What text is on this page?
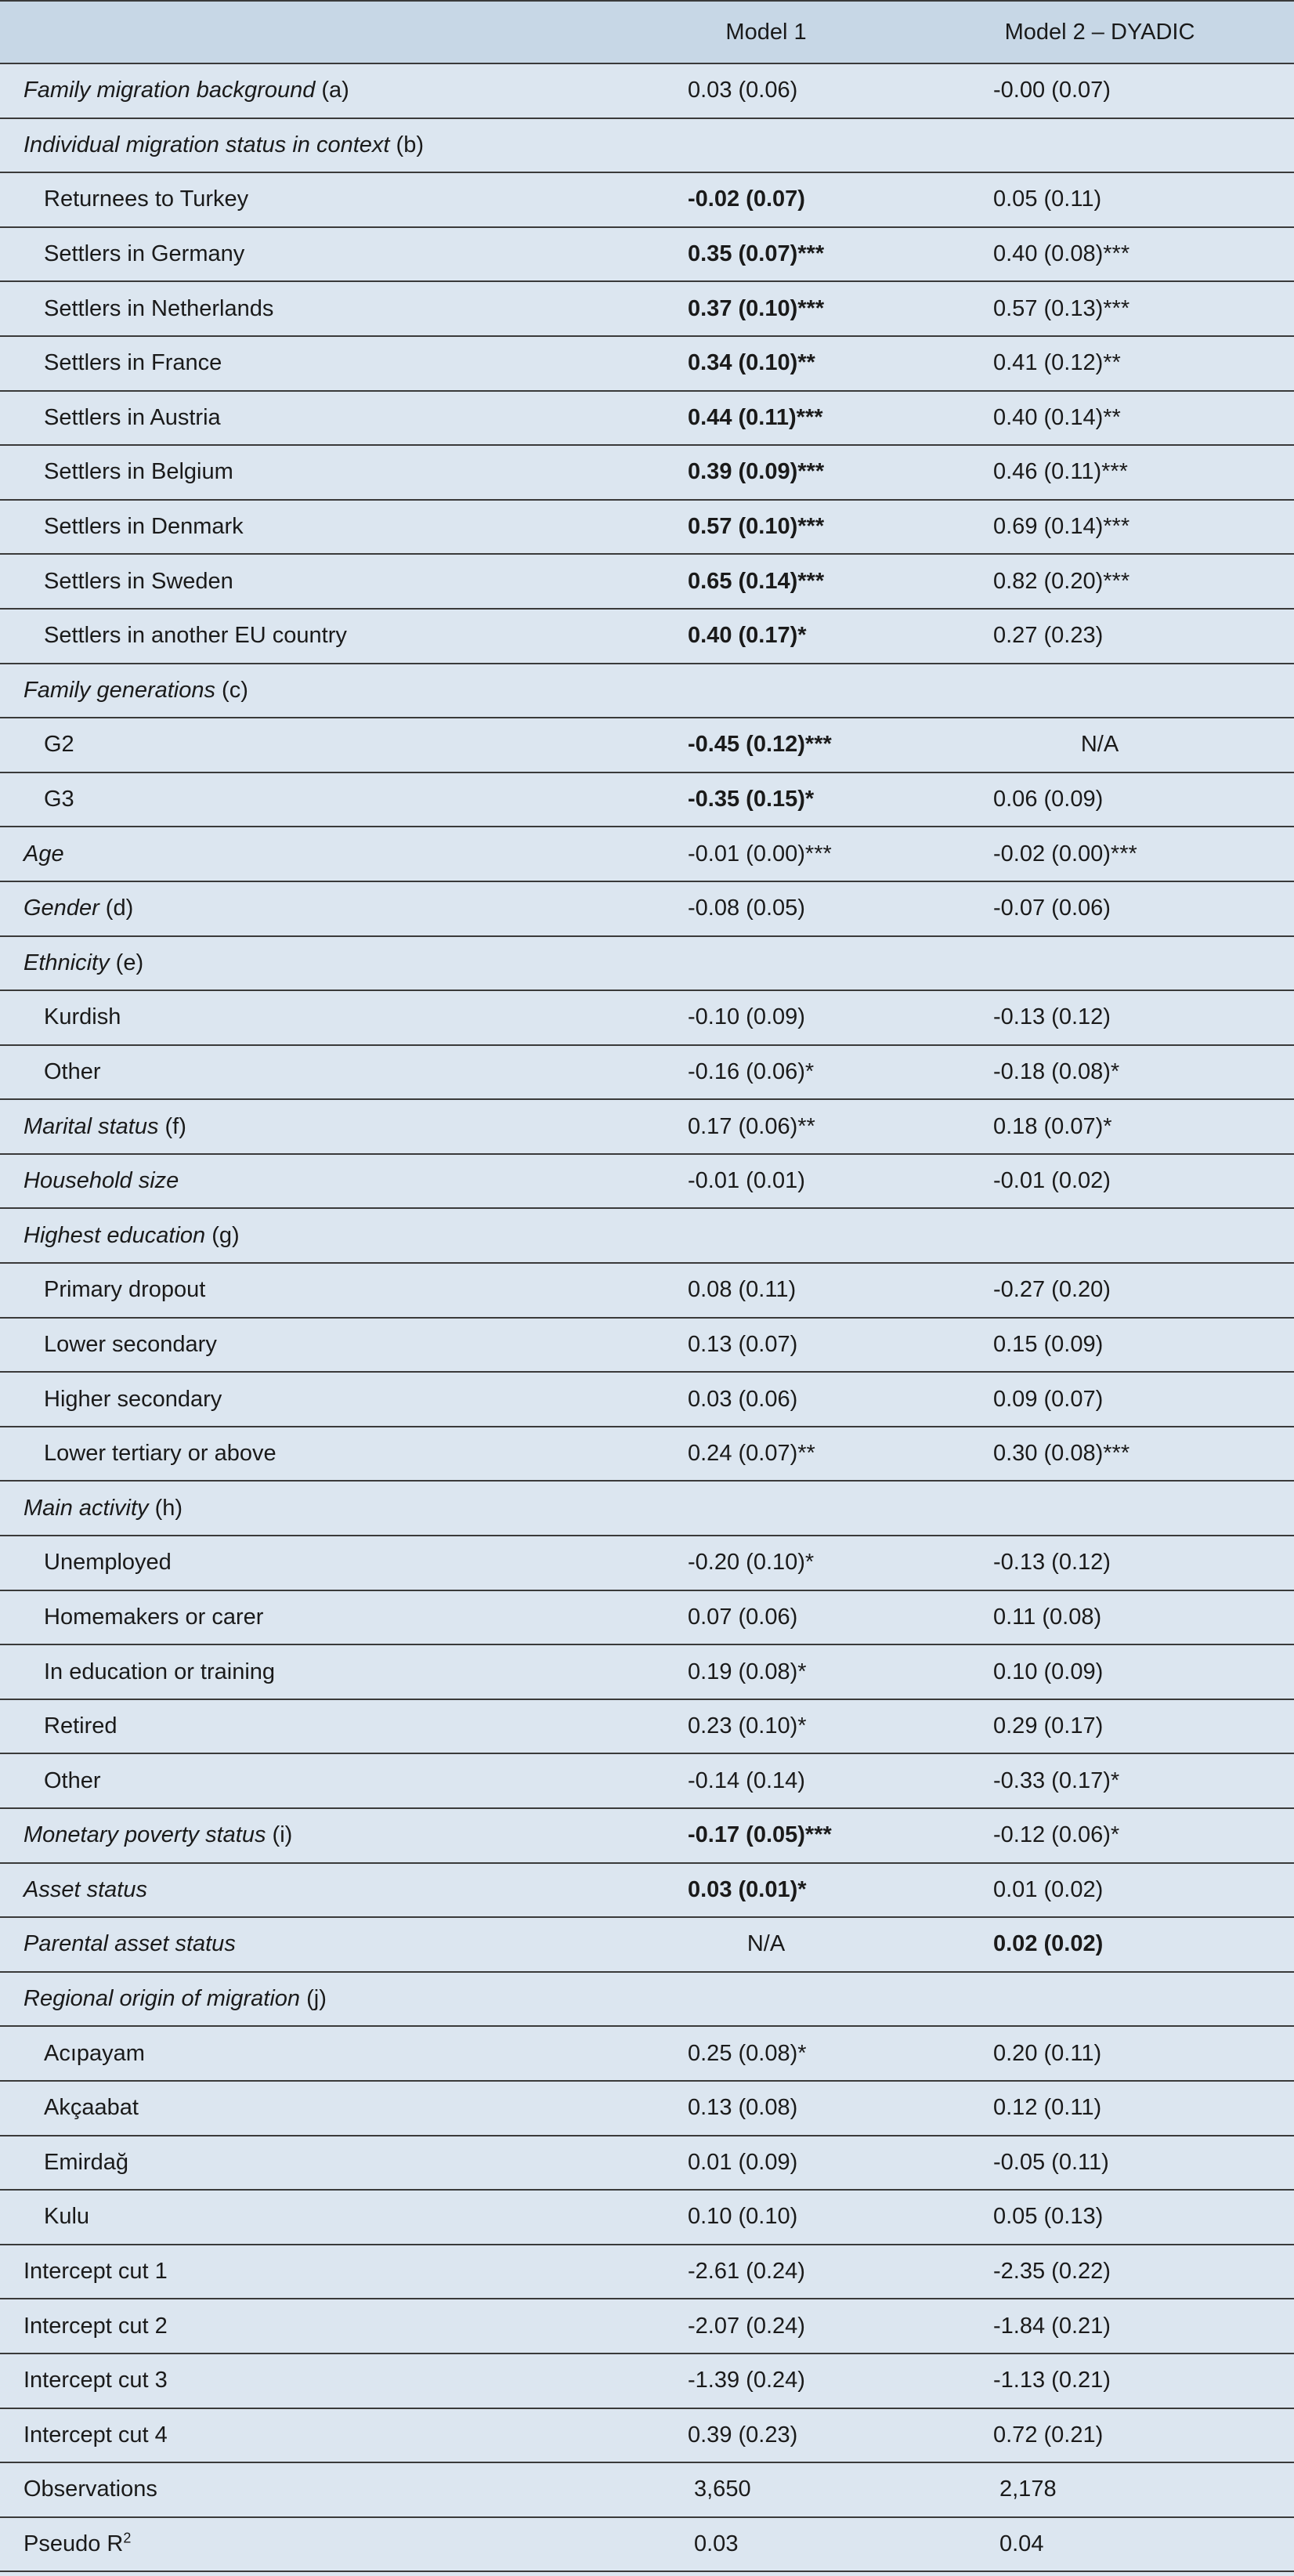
	Model 1	Model 2 – DYADIC
Family migration background (a)	0.03 (0.06)	-0.00 (0.07)
Individual migration status in context (b)		
Returnees to Turkey	-0.02 (0.07)	0.05 (0.11)
Settlers in Germany	0.35 (0.07)***	0.40 (0.08)***
Settlers in Netherlands	0.37 (0.10)***	0.57 (0.13)***
Settlers in France	0.34 (0.10)**	0.41 (0.12)**
Settlers in Austria	0.44 (0.11)***	0.40 (0.14)**
Settlers in Belgium	0.39 (0.09)***	0.46 (0.11)***
Settlers in Denmark	0.57 (0.10)***	0.69 (0.14)***
Settlers in Sweden	0.65 (0.14)***	0.82 (0.20)***
Settlers in another EU country	0.40 (0.17)*	0.27 (0.23)
Family generations (c)		
G2	-0.45 (0.12)***	N/A
G3	-0.35 (0.15)*	0.06 (0.09)
Age	-0.01 (0.00)***	-0.02 (0.00)***
Gender (d)	-0.08 (0.05)	-0.07 (0.06)
Ethnicity (e)		
Kurdish	-0.10 (0.09)	-0.13 (0.12)
Other	-0.16 (0.06)*	-0.18 (0.08)*
Marital status (f)	0.17 (0.06)**	0.18 (0.07)*
Household size	-0.01 (0.01)	-0.01 (0.02)
Highest education (g)		
Primary dropout	0.08 (0.11)	-0.27 (0.20)
Lower secondary	0.13 (0.07)	0.15 (0.09)
Higher secondary	0.03 (0.06)	0.09 (0.07)
Lower tertiary or above	0.24 (0.07)**	0.30 (0.08)***
Main activity (h)		
Unemployed	-0.20 (0.10)*	-0.13 (0.12)
Homemakers or carer	0.07 (0.06)	0.11 (0.08)
In education or training	0.19 (0.08)*	0.10 (0.09)
Retired	0.23 (0.10)*	0.29 (0.17)
Other	-0.14 (0.14)	-0.33 (0.17)*
Monetary poverty status (i)	-0.17 (0.05)***	-0.12 (0.06)*
Asset status	0.03 (0.01)*	0.01 (0.02)
Parental asset status	N/A	0.02 (0.02)
Regional origin of migration (j)		
Acıpayam	0.25 (0.08)*	0.20 (0.11)
Akçaabat	0.13 (0.08)	0.12 (0.11)
Emirdağ	0.01 (0.09)	-0.05 (0.11)
Kulu	0.10 (0.10)	0.05 (0.13)
Intercept cut 1	-2.61 (0.24)	-2.35 (0.22)
Intercept cut 2	-2.07 (0.24)	-1.84 (0.21)
Intercept cut 3	-1.39 (0.24)	-1.13 (0.21)
Intercept cut 4	0.39 (0.23)	0.72 (0.21)
Observations	3,650	2,178
Pseudo $R^2$	0.03	0.04
